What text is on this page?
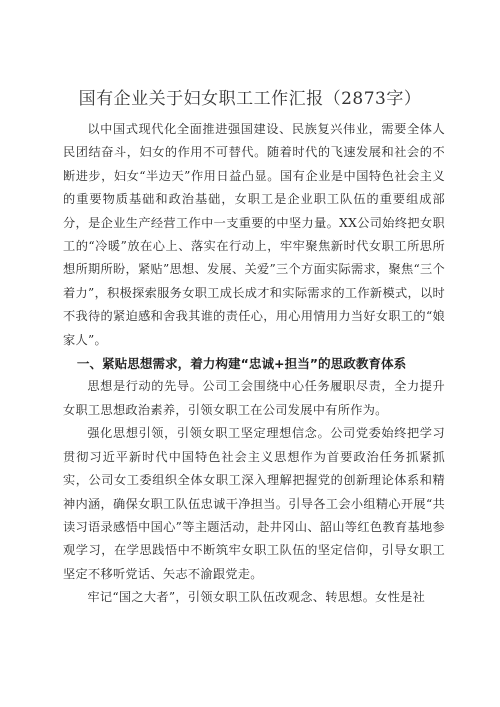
国有企业关于妇女职工工作汇报（2873字）

以中国式现代化全面推进强国建设、民族复兴伟业，需要全体人民团结奋斗，妇女的作用不可替代。随着时代的飞速发展和社会的不断进步，妇女“半边天”作用日益凸显。国有企业是中国特色社会主义的重要物质基础和政治基础，女职工是企业职工队伍的重要组成部分，是企业生产经营工作中一支重要的中坚力量。XX公司始终把女职工的“冷暖”放在心上、落实在行动上，牢牢聚焦新时代女职工所思所想所期所盼，紧贴”思想、发展、关爱”三个方面实际需求，聚焦“三个着力”，积极探索服务女职工成长成才和实际需求的工作新模式，以时不我待的紧迫感和舍我其谁的责任心，用心用情用力当好女职工的“娘家人”。

一、紧贴思想需求，着力构建“忠诚+担当”的思政教育体系

思想是行动的先导。公司工会围绕中心任务履职尽责，全力提升女职工思想政治素养，引领女职工在公司发展中有所作为。

强化思想引领，引领女职工坚定理想信念。公司党委始终把学习贯彻习近平新时代中国特色社会主义思想作为首要政治任务抓紧抓实，公司女工委组织全体女职工深入理解把握党的创新理论体系和精神内涵，确保女职工队伍忠诚干净担当。引导各工会小组精心开展“共读习语录感悟中国心”等主题活动，赴井冈山、韶山等红色教育基地参观学习，在学思践悟中不断筑牢女职工队伍的坚定信仰，引导女职工坚定不移听党话、矢志不渝跟党走。

牢记“国之大者”，引领女职工队伍改观念、转思想。女性是社
